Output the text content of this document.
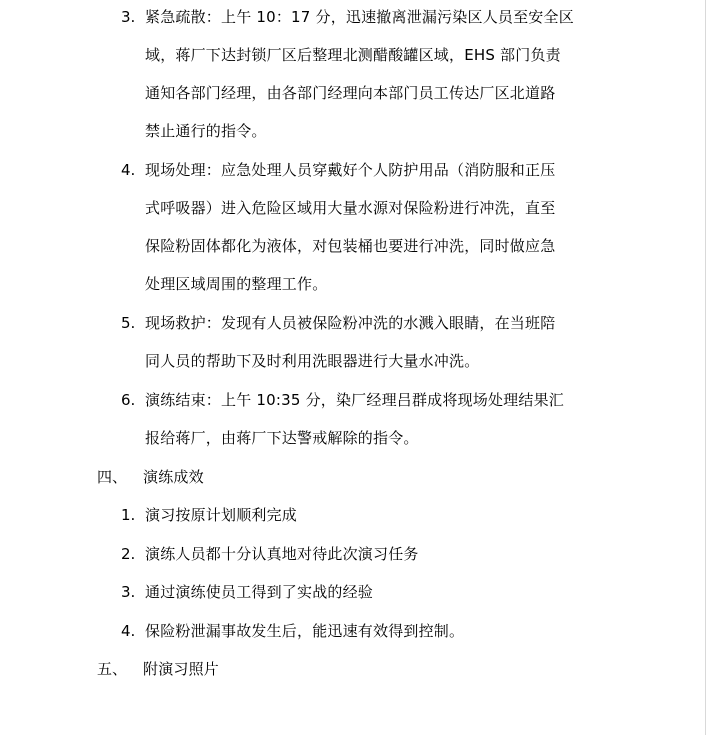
3. 紧急疏散：上午 10：17 分，迅速撤离泄漏污染区人员至安全区
域，蒋厂下达封锁厂区后整理北测醋酸罐区域，EHS 部门负责
通知各部门经理，由各部门经理向本部门员工传达厂区北道路
禁止通行的指令。
4. 现场处理：应急处理人员穿戴好个人防护用品（消防服和正压
式呼吸器）进入危险区域用大量水源对保险粉进行冲洗，直至
保险粉固体都化为液体，对包装桶也要进行冲洗，同时做应急
处理区域周围的整理工作。
5. 现场救护：发现有人员被保险粉冲洗的水溅入眼睛，在当班陪
同人员的帮助下及时利用洗眼器进行大量水冲洗。
6. 演练结束：上午 10:35 分，染厂经理吕群成将现场处理结果汇
报给蒋厂，由蒋厂下达警戒解除的指令。
四、 演练成效
1. 演习按原计划顺利完成
2. 演练人员都十分认真地对待此次演习任务
3. 通过演练使员工得到了实战的经验
4. 保险粉泄漏事故发生后，能迅速有效得到控制。
五、 附演习照片
